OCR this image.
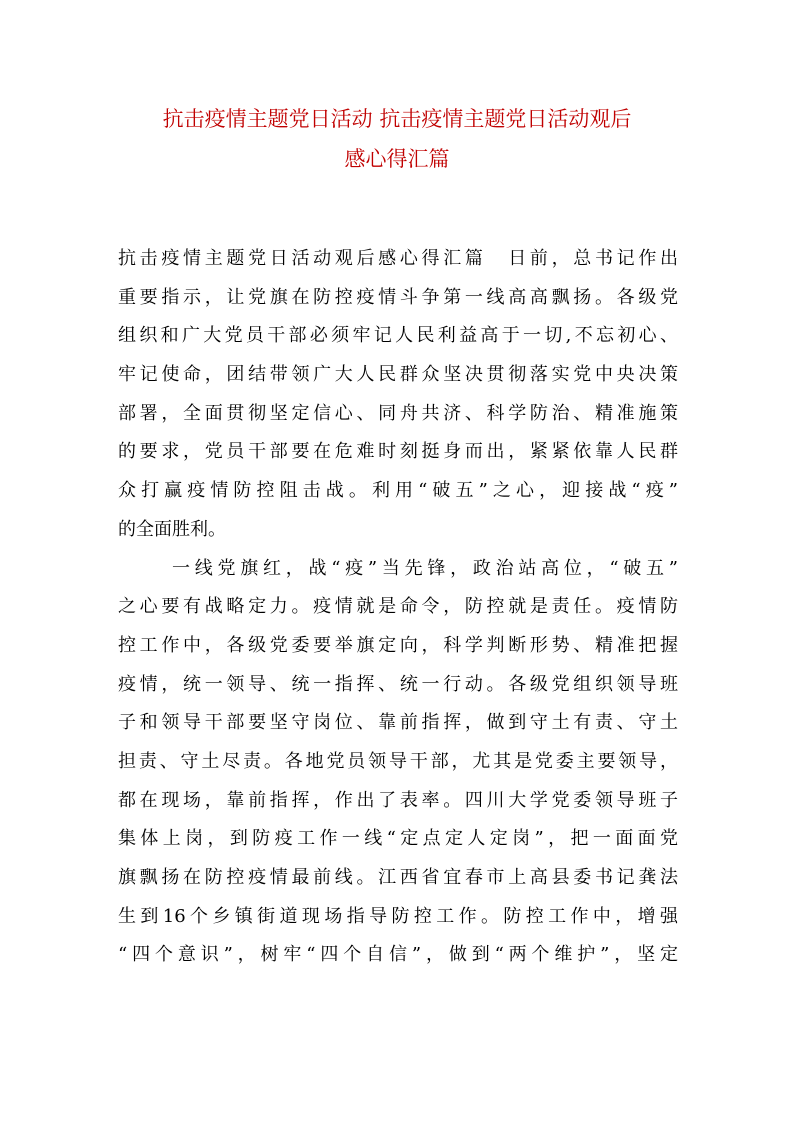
抗击疫情主题党日活动 抗击疫情主题党日活动观后
感心得汇篇

抗击疫情主题党日活动观后感心得汇篇　日前，总书记作出
重要指示，让党旗在防控疫情斗争第一线高高飘扬。各级党
组织和广大党员干部必须牢记人民利益高于一切,不忘初心、
牢记使命，团结带领广大人民群众坚决贯彻落实党中央决策
部署，全面贯彻坚定信心、同舟共济、科学防治、精准施策
的要求，党员干部要在危难时刻挺身而出，紧紧依靠人民群
众打赢疫情防控阻击战。利用“破五”之心，迎接战“疫”
的全面胜利。

一线党旗红，战“疫”当先锋，政治站高位，“破五”
之心要有战略定力。疫情就是命令，防控就是责任。疫情防
控工作中，各级党委要举旗定向，科学判断形势、精准把握
疫情，统一领导、统一指挥、统一行动。各级党组织领导班
子和领导干部要坚守岗位、靠前指挥，做到守土有责、守土
担责、守土尽责。各地党员领导干部，尤其是党委主要领导，
都在现场，靠前指挥，作出了表率。四川大学党委领导班子
集体上岗，到防疫工作一线“定点定人定岗”，把一面面党
旗飘扬在防控疫情最前线。江西省宜春市上高县委书记龚法
生到16个乡镇街道现场指导防控工作。防控工作中，增强
“四个意识”，树牢“四个自信”，做到“两个维护”，坚定
